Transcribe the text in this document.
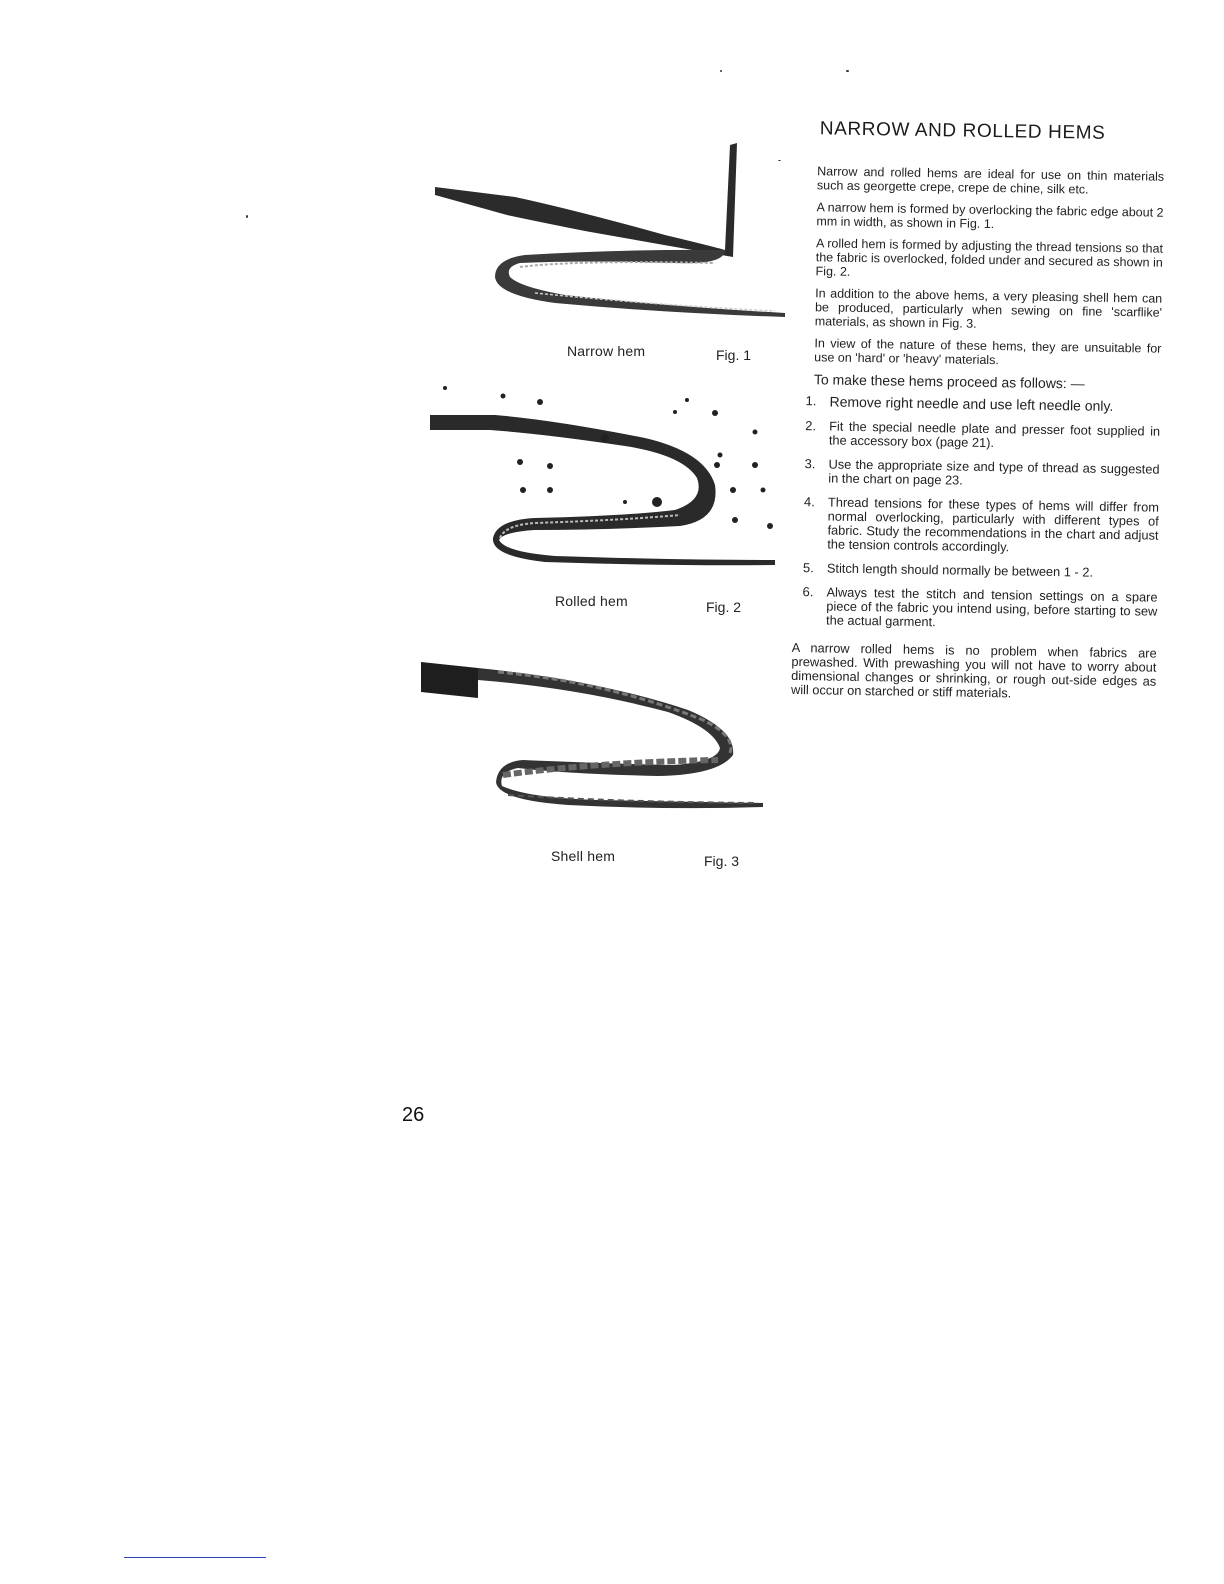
Narrow hem	Fig. 1
Rolled hem	Fig. 2
Shell hem	Fig. 3
NARROW AND ROLLED HEMS

Narrow and rolled hems are ideal for use on thin materials such as georgette crepe, crepe de chine, silk etc.

A narrow hem is formed by overlocking the fabric edge about 2 mm in width, as shown in Fig. 1.

A rolled hem is formed by adjusting the thread tensions so that the fabric is overlocked, folded under and secured as shown in Fig. 2.

In addition to the above hems, a very pleasing shell hem can be produced, particularly when sewing on fine 'scarflike' materials, as shown in Fig. 3.

In view of the nature of these hems, they are unsuitable for use on 'hard' or 'heavy' materials.

To make these hems proceed as follows: —

1. Remove right needle and use left needle only.
2. Fit the special needle plate and presser foot supplied in the accessory box (page 21).
3. Use the appropriate size and type of thread as suggested in the chart on page 23.
4. Thread tensions for these types of hems will differ from normal overlocking, particularly with different types of fabric. Study the recommendations in the chart and adjust the tension controls accordingly.
5. Stitch length should normally be between 1 - 2.
6. Always test the stitch and tension settings on a spare piece of the fabric you intend using, before starting to sew the actual garment.

A narrow rolled hems is no problem when fabrics are prewashed. With prewashing you will not have to worry about dimensional changes or shrinking, or rough out-side edges as will occur on starched or stiff materials.

26
